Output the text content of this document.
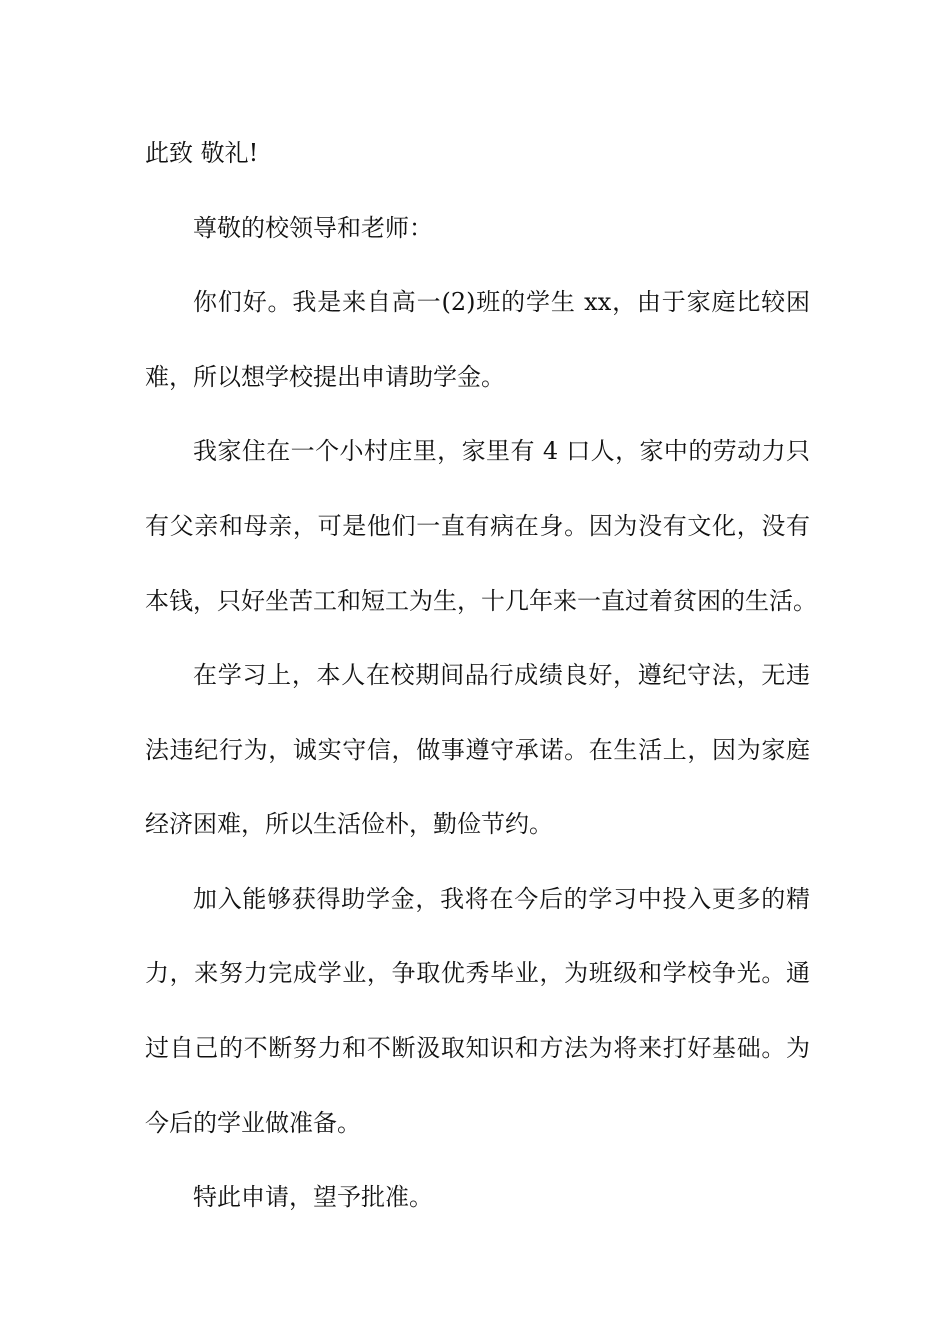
此致 敬礼!
尊敬的校领导和老师：
你们好。我是来自高一(2)班的学生 xx，由于家庭比较困
难，所以想学校提出申请助学金。
我家住在一个小村庄里，家里有 4 口人，家中的劳动力只
有父亲和母亲，可是他们一直有病在身。因为没有文化，没有
本钱，只好坐苦工和短工为生，十几年来一直过着贫困的生活。
在学习上，本人在校期间品行成绩良好，遵纪守法，无违
法违纪行为，诚实守信，做事遵守承诺。在生活上，因为家庭
经济困难，所以生活俭朴，勤俭节约。
加入能够获得助学金，我将在今后的学习中投入更多的精
力，来努力完成学业，争取优秀毕业，为班级和学校争光。通
过自己的不断努力和不断汲取知识和方法为将来打好基础。为
今后的学业做准备。
特此申请，望予批准。
